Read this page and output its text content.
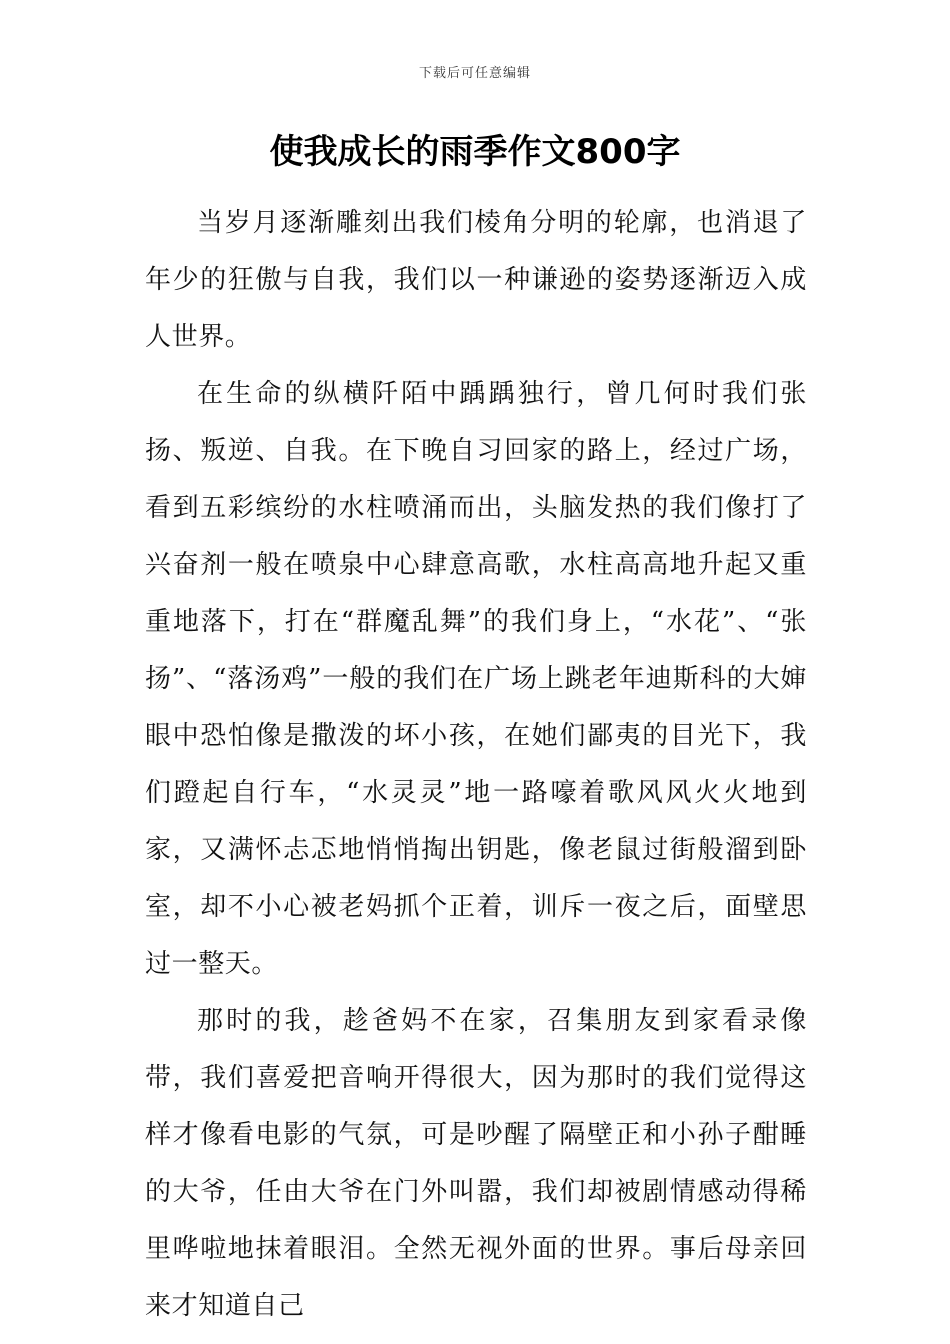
下载后可任意编辑
使我成长的雨季作文800字

当岁月逐渐雕刻出我们棱角分明的轮廓，也消退了年少的狂傲与自我，我们以一种谦逊的姿势逐渐迈入成人世界。

在生命的纵横阡陌中踽踽独行，曾几何时我们张扬、叛逆、自我。在下晚自习回家的路上，经过广场，看到五彩缤纷的水柱喷涌而出，头脑发热的我们像打了兴奋剂一般在喷泉中心肆意高歌，水柱高高地升起又重重地落下，打在“群魔乱舞”的我们身上，“水花”、“张扬”、“落汤鸡”一般的我们在广场上跳老年迪斯科的大婶眼中恐怕像是撒泼的坏小孩，在她们鄙夷的目光下，我们蹬起自行车，“水灵灵”地一路嚎着歌风风火火地到家，又满怀忐忑地悄悄掏出钥匙，像老鼠过街般溜到卧室，却不小心被老妈抓个正着，训斥一夜之后，面壁思过一整天。

那时的我，趁爸妈不在家，召集朋友到家看录像带，我们喜爱把音响开得很大，因为那时的我们觉得这样才像看电影的气氛，可是吵醒了隔壁正和小孙子酣睡的大爷，任由大爷在门外叫嚣，我们却被剧情感动得稀里哗啦地抹着眼泪。全然无视外面的世界。事后母亲回来才知道自己
